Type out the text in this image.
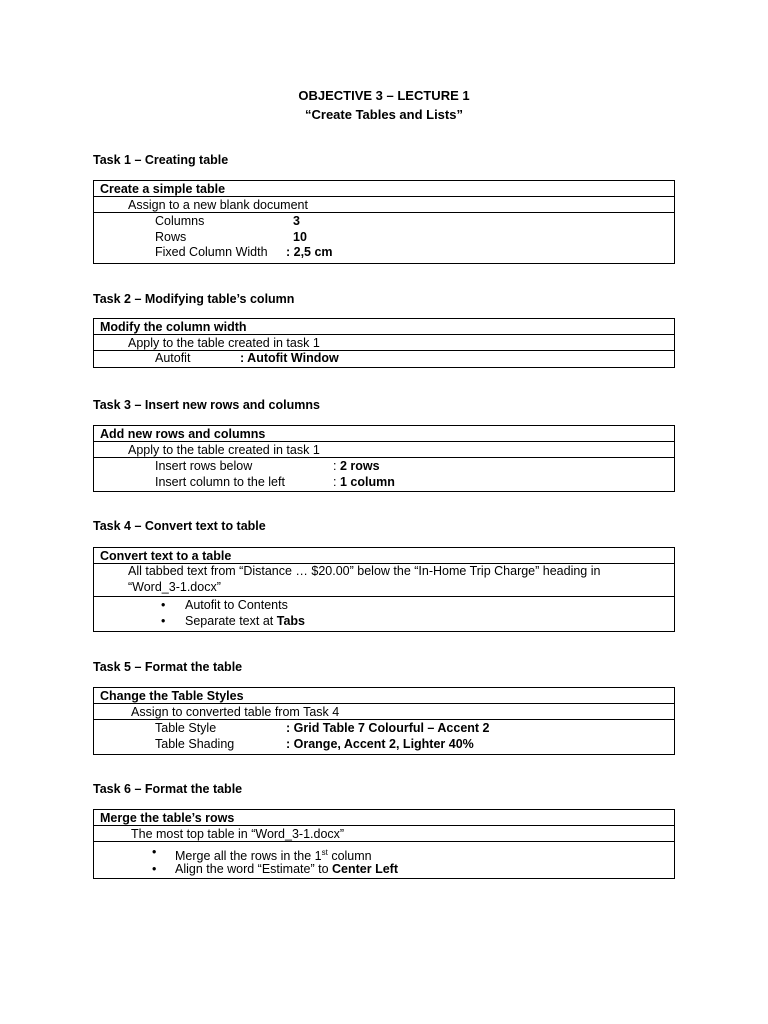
OBJECTIVE 3 – LECTURE 1
“Create Tables and Lists”
Task 1 – Creating table
Create a simple table
Assign to a new blank document
Columns	3
Rows	10
Fixed Column Width : 2,5 cm
Task 2 – Modifying table’s column
Modify the column width
Apply to the table created in task 1
Autofit	: Autofit Window
Task 3 – Insert new rows and columns
Add new rows and columns
Apply to the table created in task 1
Insert rows below	: 2 rows
Insert column to the left	: 1 column
Task 4 – Convert text to table
Convert text to a table
All tabbed text from “Distance … $20.00” below the “In-Home Trip Charge” heading in
“Word_3-1.docx”
• Autofit to Contents
• Separate text at Tabs
Task 5 – Format the table
Change the Table Styles
Assign to converted table from Task 4
Table Style	: Grid Table 7 Colourful – Accent 2
Table Shading	: Orange, Accent 2, Lighter 40%
Task 6 – Format the table
Merge the table’s rows
The most top table in “Word_3-1.docx”
• Merge all the rows in the 1st column
• Align the word “Estimate” to Center Left
